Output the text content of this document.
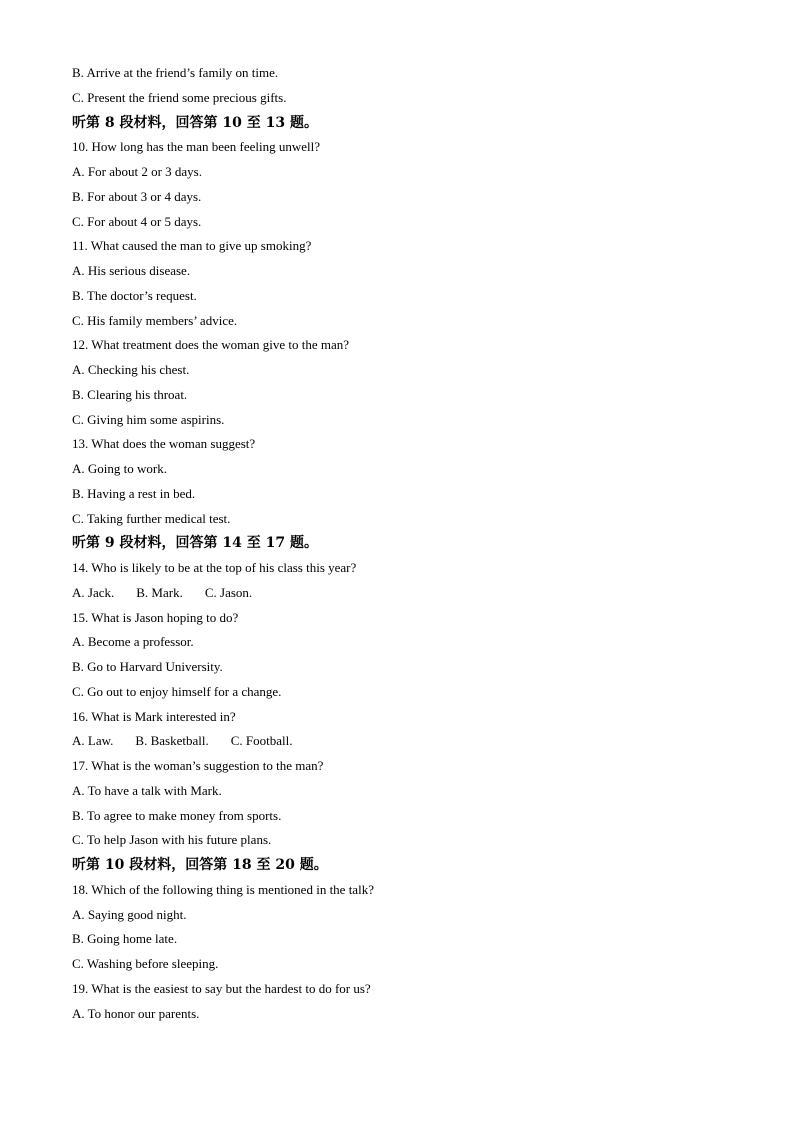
B. Arrive at the friend’s family on time.
C. Present the friend some precious gifts.
听第 8 段材料，回答第 10 至 13 题。
10. How long has the man been feeling unwell?
A. For about 2 or 3 days.
B. For about 3 or 4 days.
C. For about 4 or 5 days.
11. What caused the man to give up smoking?
A. His serious disease.
B. The doctor’s request.
C. His family members’ advice.
12. What treatment does the woman give to the man?
A. Checking his chest.
B. Clearing his throat.
C. Giving him some aspirins.
13. What does the woman suggest?
A. Going to work.
B. Having a rest in bed.
C. Taking further medical test.
听第 9 段材料，回答第 14 至 17 题。
14. Who is likely to be at the top of his class this year?
A. Jack. B. Mark. C. Jason.
15. What is Jason hoping to do?
A. Become a professor.
B. Go to Harvard University.
C. Go out to enjoy himself for a change.
16. What is Mark interested in?
A. Law. B. Basketball. C. Football.
17. What is the woman’s suggestion to the man?
A. To have a talk with Mark.
B. To agree to make money from sports.
C. To help Jason with his future plans.
听第 10 段材料，回答第 18 至 20 题。
18. Which of the following thing is mentioned in the talk?
A. Saying good night.
B. Going home late.
C. Washing before sleeping.
19. What is the easiest to say but the hardest to do for us?
A. To honor our parents.
